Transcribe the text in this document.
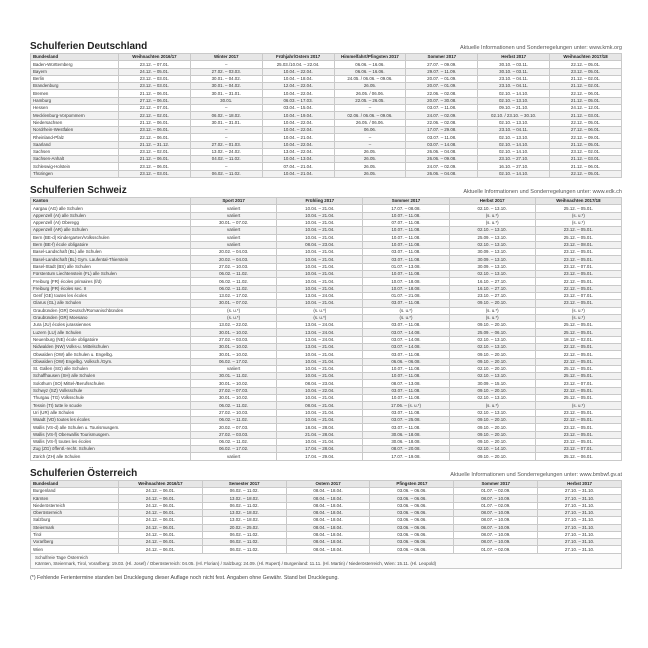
Schulferien Deutschland	Aktuelle Informationen und Sonderregelungen unter: www.kmk.org
Bundesland	Weihnachten 2016/17	Winter 2017	Frühjahr/Ostern 2017	Himmelfahrt/Pfingsten 2017	Sommer 2017	Herbst 2017	Weihnachten 2017/18
Baden-Württemberg	23.12. – 07.01.	–	25.03./10.04. – 22.04.	06.06. – 16.06.	27.07. – 09.09.	30.10. – 03.11.	22.12. – 05.01.
Bayern	24.12. – 05.01.	27.02. – 03.03.	10.04. – 22.04.	06.06. – 16.06.	29.07. – 11.09.	30.10. – 03.11.	23.12. – 05.01.
Berlin	23.12. – 03.01.	30.01. – 04.02.	10.04. – 18.04.	24.05. / 06.06. – 09.06.	20.07. – 01.09.	23.10. – 04.11.	21.12. – 02.01.
Brandenburg	23.12. – 03.01.	30.01. – 04.02.	12.04. – 22.04.	26.05.	20.07. – 01.09.	23.10. – 04.11.	21.12. – 02.01.
Bremen	21.12. – 06.01.	30.01. – 31.01.	10.04. – 22.04.	26.05. / 06.06.	22.06. – 02.08.	02.10. – 14.10.	22.12. – 06.01.
Hamburg	27.12. – 06.01.	30.01.	06.03. – 17.03.	22.05. – 26.05.	20.07. – 30.08.	02.10. – 13.10.	21.12. – 05.01.
Hessen	22.12. – 07.01.	–	03.04. – 15.04.	–	03.07. – 11.08.	09.10. – 21.10.	24.12. – 12.01.
Mecklenburg-Vorpommern	22.12. – 02.01.	06.02. – 18.02.	10.04. – 19.04.	02.06. / 06.06. – 09.06.	24.07. – 02.09.	02.10. / 23.10. – 30.10.	21.12. – 03.01.
Niedersachsen	21.12. – 06.01.	30.01. – 31.01.	10.04. – 22.04.	26.05. / 06.06.	22.06. – 02.08.	02.10. – 13.10.	22.12. – 05.01.
Nordrhein-Westfalen	23.12. – 06.01.	–	10.04. – 22.04.	06.06.	17.07. – 29.08.	23.10. – 04.11.	27.12. – 06.01.
Rheinland-Pfalz	22.12. – 06.01.	–	10.04. – 21.04.	–	03.07. – 11.08.	02.10. – 13.10.	22.12. – 09.01.
Saarland	21.12. – 31.12.	27.02. – 01.03.	10.04. – 22.04.	–	03.07. – 14.08.	02.10. – 14.10.	21.12. – 05.01.
Sachsen	23.12. – 02.01.	13.02. – 24.02.	13.04. – 22.04.	26.05.	26.06. – 04.08.	02.10. – 14.10.	23.12. – 02.01.
Sachsen-Anhalt	21.12. – 06.01.	04.02. – 11.02.	10.04. – 13.04.	26.05.	26.06. – 09.08.	23.10. – 27.10.	21.12. – 03.01.
Schleswig-Holstein	23.12. – 06.01.	–	07.04. – 21.04.	26.05.	24.07. – 02.09.	16.10. – 27.10.	21.12. – 06.01.
Thüringen	23.12. – 03.01.	06.02. – 11.02.	10.04. – 21.04.	26.05.	26.06. – 04.08.	02.10. – 14.10.	22.12. – 05.01.
Schulferien Schweiz	Aktuelle Informationen und Sonderregelungen unter: www.edk.ch
Kanton	Sport 2017	Frühling 2017	Sommer 2017	Herbst 2017	Weihnachten 2017/18
Aargau (AG) alle Schulen	variiert	10.04. – 21.04.	17.07. – 08.08.	02.10. – 13.10.	25.12. – 05.01.
Appenzell (AI) alle Schulen	variiert	10.04. – 21.04.	10.07. – 11.08.	(s. u.*)	(s. u.*)
Appenzell (AI) Oberegg	30.01. – 07.02.	10.04. – 21.04.	07.07. – 11.08.	(s. u.*)	(s. u.*)
Appenzell (AR) alle Schulen	variiert	10.04. – 21.04.	10.07. – 11.08.	02.10. – 13.10.	23.12. – 05.01.
Bern (BE-d) Kindergarten/Volksschulen	variiert	10.04. – 21.04.	10.07. – 11.08.	25.09. – 13.10.	25.12. – 05.01.
Bern (BE-f) école obligatoire	variiert	08.04. – 23.04.	10.07. – 11.08.	02.10. – 13.10.	23.12. – 08.01.
Basel-Landschaft (BL) alle Schulen	20.02. – 04.03.	10.04. – 21.04.	03.07. – 11.08.	30.09. – 13.10.	23.12. – 05.01.
Basel-Landschaft (BL) Gym. Laufental-Thierstein	20.02. – 04.03.	10.04. – 21.04.	03.07. – 11.08.	30.09. – 13.10.	23.12. – 05.01.
Basel-Stadt (BS) alle Schulen	27.02. – 10.03.	10.04. – 21.04.	01.07. – 13.08.	30.09. – 13.10.	23.12. – 07.01.
Fürstentum Liechtenstein (FL) alle Schulen	06.02. – 11.02.	10.04. – 21.04.	10.07. – 11.08.	02.10. – 13.10.	23.12. – 05.01.
Freiburg (FR) écoles primaires (f/d)	06.02. – 11.02.	10.04. – 21.04.	10.07. – 18.08.	16.10. – 27.10.	22.12. – 05.01.
Freiburg (FR) écoles sec. II	06.02. – 11.02.	10.04. – 21.04.	10.07. – 18.08.	16.10. – 27.10.	22.12. – 05.01.
Genf (GE) toutes les écoles	13.02. – 17.02.	13.04. – 24.04.	01.07. – 21.08.	23.10. – 27.10.	23.12. – 07.01.
Glarus (GL) alle Schulen	30.01. – 07.02.	10.04. – 21.04.	03.07. – 11.08.	09.10. – 20.10.	23.12. – 05.01.
Graubünden (GR) Deutsch/Romanischbünden	(s. u.*)	(s. u.*)	(s. u.*)	(s. u.*)	(s. u.*)
Graubünden (GR) Moesano	(s. u.*)	(s. u.*)	(s. u.*)	(s. u.*)	(s. u.*)
Jura (JU) écoles jurassiennes	13.02. – 22.02.	13.04. – 24.04.	03.07. – 11.08.	09.10. – 20.10.	25.12. – 05.01.
Luzern (LU) alle Schulen	30.01. – 10.02.	13.04. – 24.04.	03.07. – 14.08.	25.09. – 06.10.	25.12. – 05.01.
Neuenburg (NE) école obligatoire	27.02. – 03.03.	13.04. – 24.04.	03.07. – 14.08.	02.10. – 13.10.	18.12. – 02.01.
Nidwalden (NW) Volks-u. Mittelschulen	30.01. – 10.02.	13.04. – 21.04.	03.07. – 14.08.	02.10. – 13.10.	22.12. – 05.01.
Obwalden (OW) alle Schulen u. Engelbg.	30.01. – 10.02.	10.04. – 21.04.	03.07. – 11.08.	09.10. – 20.10.	22.12. – 05.01.
Obwalden (OW) Engelbg. Volksch./Gym.	06.02. – 17.02.	10.04. – 21.04.	06.06. – 06.08.	09.10. – 20.10.	22.12. – 05.01.
St. Gallen (SG) alle Schulen	variiert	10.04. – 21.04.	10.07. – 11.08.	02.10. – 20.10.	25.12. – 05.01.
Schaffhausen (SH) alle Schulen	30.01. – 11.02.	10.04. – 21.04.	10.07. – 11.08.	02.10. – 13.10.	25.12. – 05.01.
Solothurn (SO) Mittel-/Berufsschulen	30.01. – 10.02.	08.04. – 23.04.	08.07. – 13.08.	30.09. – 15.10.	23.12. – 07.01.
Schwyz (SZ) Volksschule	27.02. – 07.03.	10.04. – 22.04.	03.07. – 11.08.	09.10. – 20.10.	22.12. – 05.01.
Thurgau (TG) Volksschule	30.01. – 10.02.	10.04. – 21.04.	10.07. – 11.08.	02.10. – 13.10.	25.12. – 05.01.
Tessin (TI) tutte le scuole	06.02. – 11.02.	08.04. – 21.04.	17.06. – (s. u.*)	(s. u.*)	(s. u.*)
Uri (UR) alle Schulen	27.02. – 10.03.	10.04. – 21.04.	03.07. – 11.08.	02.10. – 13.10.	23.12. – 05.01.
Waadt (VD) toutes les écoles	06.02. – 11.02.	10.04. – 21.04.	03.07. – 25.08.	09.10. – 20.10.	22.12. – 05.01.
Wallis (VS-d) alle Schulen u. Tourismusgem.	20.02. – 07.03.	18.04. – 28.04.	03.07. – 11.08.	09.10. – 20.10.	23.12. – 05.01.
Wallis (VS-f) Oberwallis Tourismusgem.	27.02. – 03.03.	21.04. – 28.04.	30.06. – 18.08.	09.10. – 20.10.	23.12. – 05.01.
Wallis (VS-f) toutes les écoles	06.02. – 11.02.	10.04. – 21.04.	30.06. – 18.08.	09.10. – 20.10.	23.12. – 05.01.
Zug (ZG) öffentl.-recht. Schulen	06.02. – 17.02.	17.04. – 28.04.	08.07. – 20.08.	02.10. – 14.10.	23.12. – 07.01.
Zürich (ZH) alle Schulen	variiert	17.04. – 29.04.	17.07. – 19.08.	09.10. – 20.10.	25.12. – 06.01.
Schulferien Österreich	Aktuelle Informationen und Sonderregelungen unter: www.bmbwf.gv.at
Bundesland	Weihnachten 2016/17	Semester 2017	Ostern 2017	Pfingsten 2017	Sommer 2017	Herbst 2017
Burgenland	24.12. – 06.01.	06.02. – 11.02.	08.04. – 18.04.	03.06. – 06.06.	01.07. – 02.09.	27.10. – 31.10.
Kärnten	24.12. – 06.01.	13.02. – 18.02.	08.04. – 18.04.	03.06. – 06.06.	08.07. – 10.09.	27.10. – 31.10.
Niederösterreich	24.12. – 06.01.	06.02. – 11.02.	08.04. – 18.04.	03.06. – 06.06.	01.07. – 02.09.	27.10. – 31.10.
Oberösterreich	24.12. – 06.01.	13.02. – 18.02.	08.04. – 18.04.	03.06. – 06.06.	08.07. – 10.09.	27.10. – 31.10.
Salzburg	24.12. – 06.01.	13.02. – 18.02.	08.04. – 18.04.	03.06. – 06.06.	08.07. – 10.09.	27.10. – 31.10.
Steiermark	24.12. – 06.01.	20.02. – 25.02.	08.04. – 18.04.	03.06. – 06.06.	08.07. – 10.09.	27.10. – 31.10.
Tirol	24.12. – 06.01.	06.02. – 11.02.	08.04. – 18.04.	03.06. – 06.06.	08.07. – 10.09.	27.10. – 31.10.
Vorarlberg	24.12. – 06.01.	06.02. – 11.02.	08.04. – 18.04.	03.06. – 06.06.	08.07. – 10.09.	27.10. – 31.10.
Wien	24.12. – 06.01.	06.02. – 11.02.	08.04. – 18.04.	03.06. – 06.06.	01.07. – 02.09.	27.10. – 31.10.

Schulfreie Tage Österreich
Kärnten, Steiermark, Tirol, Vorarlberg: 19.03. (Hl. Josef) / Oberösterreich: 04.05. (Hl. Florian) / Salzburg: 24.09. (Hl. Rupert) / Burgenland: 11.11. (Hl. Martin) / Niederösterreich, Wien: 15.11. (Hl. Leopold)						
(*) Fehlende Ferientermine standen bei Drucklegung dieser Auflage noch nicht fest. Angaben ohne Gewähr. Stand bei Drucklegung.
